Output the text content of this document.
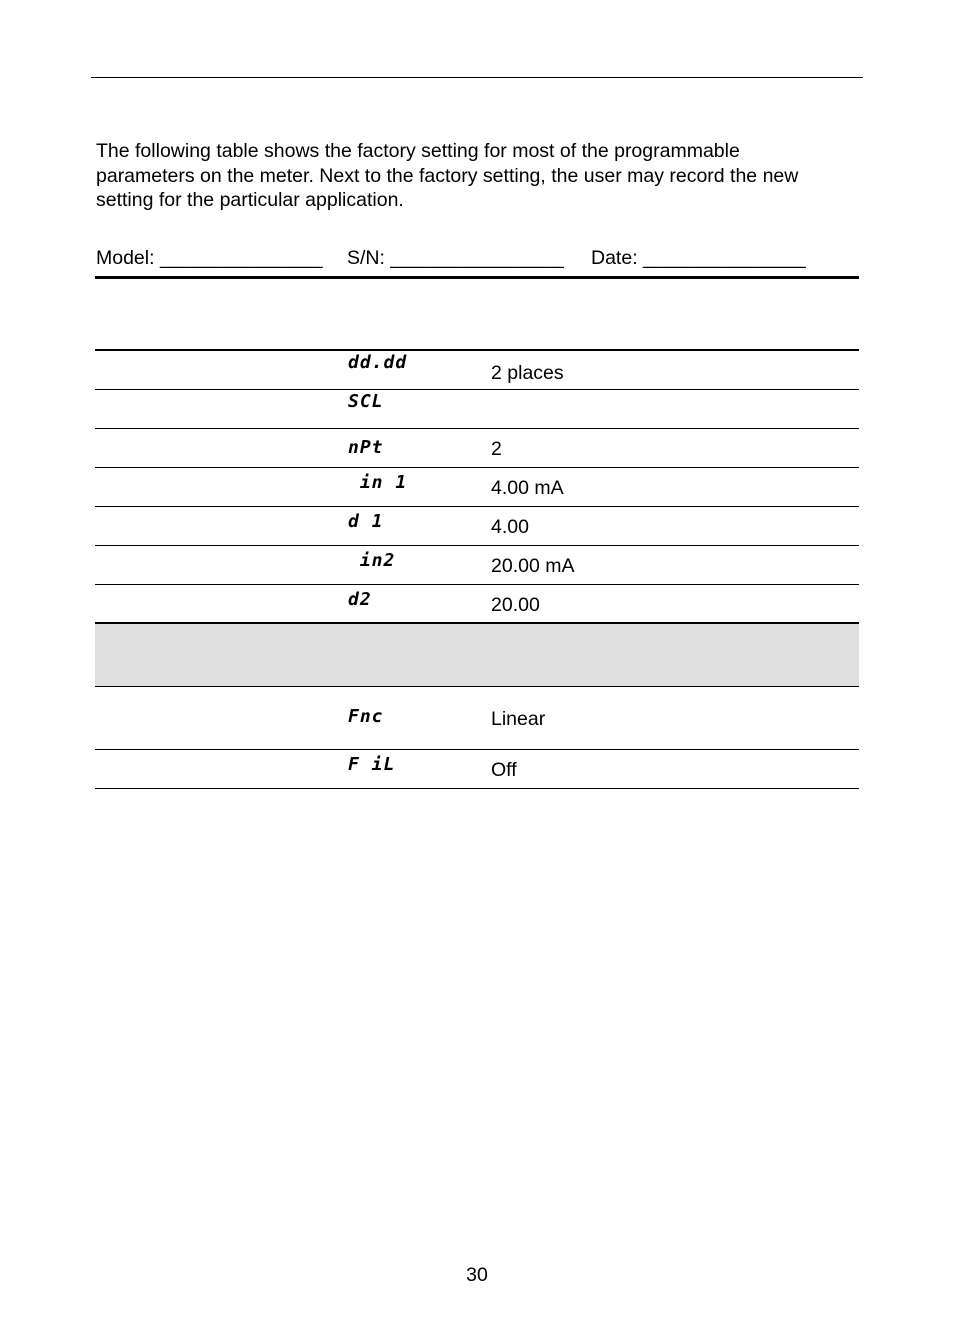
The following table shows the factory setting for most of the programmable parameters on the meter. Next to the factory setting, the user may record the new setting for the particular application.

Model: _______________ S/N: ________________ Date: _______________
dd.dd	2 places
SCL
nPt	2
in 1	4.00 mA
d 1	4.00
in2	20.00 mA
d2	20.00
Fnc	Linear
F iL	Off
30
